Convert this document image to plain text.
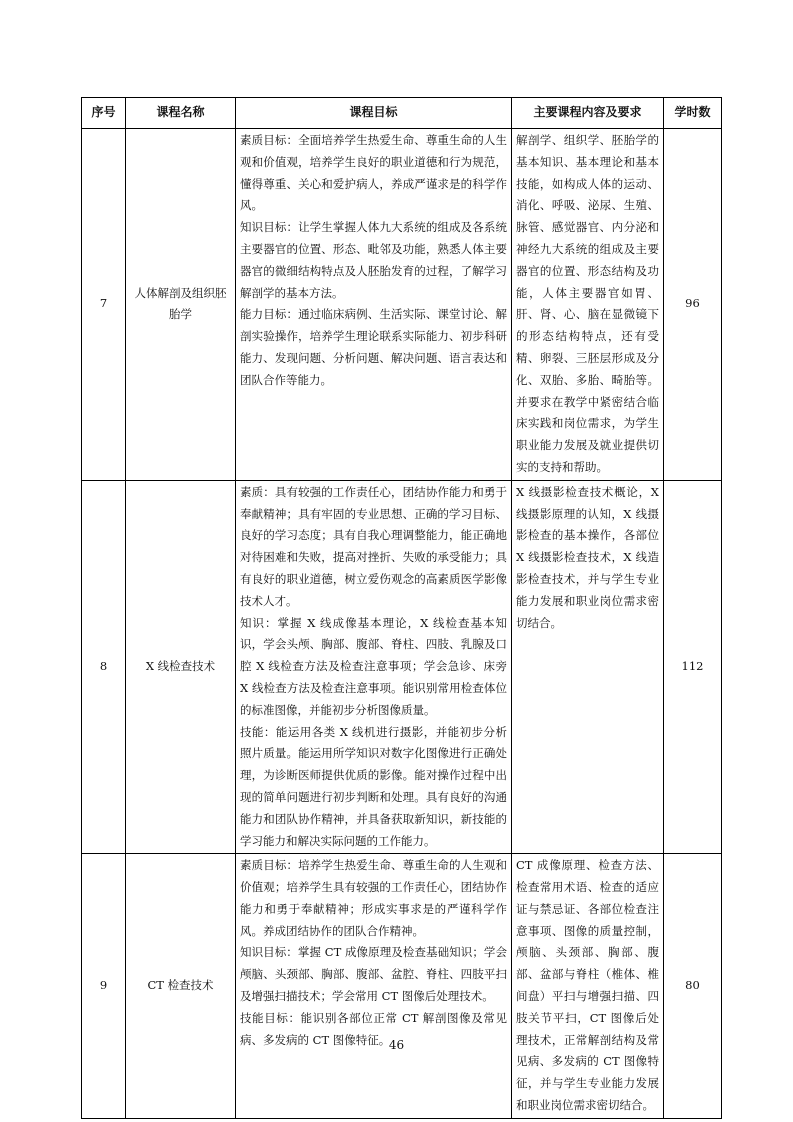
序号	课程名称	课程目标	主要课程内容及要求	学时数
7	人体解剖及组织胚胎学	素质目标：全面培养学生热爱生命、尊重生命的人生观和价值观，培养学生良好的职业道德和行为规范，懂得尊重、关心和爱护病人，养成严谨求是的科学作风。
知识目标：让学生掌握人体九大系统的组成及各系统主要器官的位置、形态、毗邻及功能，熟悉人体主要器官的微细结构特点及人胚胎发育的过程，了解学习解剖学的基本方法。
能力目标：通过临床病例、生活实际、课堂讨论、解剖实验操作，培养学生理论联系实际能力、初步科研能力、发现问题、分析问题、解决问题、语言表达和团队合作等能力。	解剖学、组织学、胚胎学的基本知识、基本理论和基本技能，如构成人体的运动、消化、呼吸、泌尿、生殖、脉管、感觉器官、内分泌和神经九大系统的组成及主要器官的位置、形态结构及功能，人体主要器官如胃、肝、肾、心、脑在显微镜下的形态结构特点，还有受精、卵裂、三胚层形成及分化、双胎、多胎、畸胎等。并要求在教学中紧密结合临床实践和岗位需求，为学生职业能力发展及就业提供切实的支持和帮助。	96
8	X 线检查技术	素质：具有较强的工作责任心，团结协作能力和勇于奉献精神；具有牢固的专业思想、正确的学习目标、良好的学习态度；具有自我心理调整能力，能正确地对待困难和失败，提高对挫折、失败的承受能力；具有良好的职业道德，树立爱伤观念的高素质医学影像技术人才。
知识：掌握 X 线成像基本理论，X 线检查基本知识，学会头颅、胸部、腹部、脊柱、四肢、乳腺及口腔 X 线检查方法及检查注意事项；学会急诊、床旁 X 线检查方法及检查注意事项。能识别常用检查体位的标准图像，并能初步分析图像质量。
技能：能运用各类 X 线机进行摄影，并能初步分析照片质量。能运用所学知识对数字化图像进行正确处理，为诊断医师提供优质的影像。能对操作过程中出现的简单问题进行初步判断和处理。具有良好的沟通能力和团队协作精神，并具备获取新知识，新技能的学习能力和解决实际问题的工作能力。	X 线摄影检查技术概论，X 线摄影原理的认知，X 线摄影检查的基本操作，各部位 X 线摄影检查技术，X 线造影检查技术，并与学生专业能力发展和职业岗位需求密切结合。	112
9	CT 检查技术	素质目标：培养学生热爱生命、尊重生命的人生观和价值观；培养学生具有较强的工作责任心，团结协作能力和勇于奉献精神；形成实事求是的严谨科学作风。养成团结协作的团队合作精神。
知识目标：掌握 CT 成像原理及检查基础知识；学会颅脑、头颈部、胸部、腹部、盆腔、脊柱、四肢平扫及增强扫描技术；学会常用 CT 图像后处理技术。
技能目标：能识别各部位正常 CT 解剖图像及常见病、多发病的 CT 图像特征。	CT 成像原理、检查方法、检查常用术语、检查的适应证与禁忌证、各部位检查注意事项、图像的质量控制，颅脑、头颈部、胸部、腹部、盆部与脊柱（椎体、椎间盘）平扫与增强扫描、四肢关节平扫，CT 图像后处理技术，正常解剖结构及常见病、多发病的 CT 图像特征，并与学生专业能力发展和职业岗位需求密切结合。	80
46
